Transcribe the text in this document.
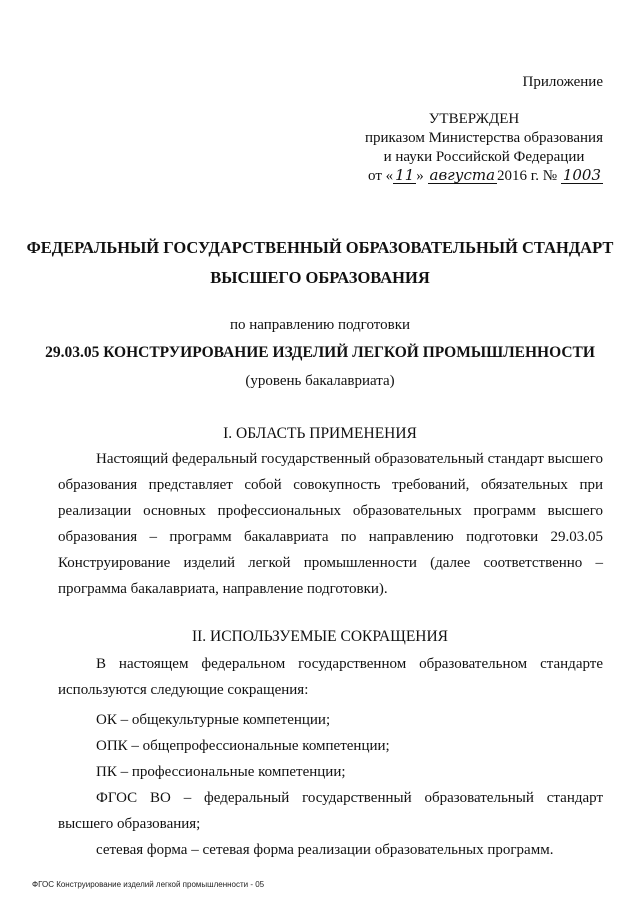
Приложение
УТВЕРЖДЕН
приказом Министерства образования
и науки Российской Федерации
от « 11 » августа 2016 г. № 1003
ФЕДЕРАЛЬНЫЙ ГОСУДАРСТВЕННЫЙ ОБРАЗОВАТЕЛЬНЫЙ СТАНДАРТ
ВЫСШЕГО ОБРАЗОВАНИЯ
по направлению подготовки
29.03.05 КОНСТРУИРОВАНИЕ ИЗДЕЛИЙ ЛЕГКОЙ ПРОМЫШЛЕННОСТИ
(уровень бакалавриата)
I. ОБЛАСТЬ ПРИМЕНЕНИЯ

Настоящий федеральный государственный образовательный стандарт высшего образования представляет собой совокупность требований, обязательных при реализации основных профессиональных образовательных программ высшего образования – программ бакалавриата по направлению подготовки 29.03.05 Конструирование изделий легкой промышленности (далее соответственно – программа бакалавриата, направление подготовки).

II. ИСПОЛЬЗУЕМЫЕ СОКРАЩЕНИЯ

В настоящем федеральном государственном образовательном стандарте используются следующие сокращения:

ОК – общекультурные компетенции;
ОПК – общепрофессиональные компетенции;
ПК – профессиональные компетенции;

ФГОС ВО – федеральный государственный образовательный стандарт высшего образования;

сетевая форма – сетевая форма реализации образовательных программ.
ФГОС Конструирование изделий легкой промышленности - 05
